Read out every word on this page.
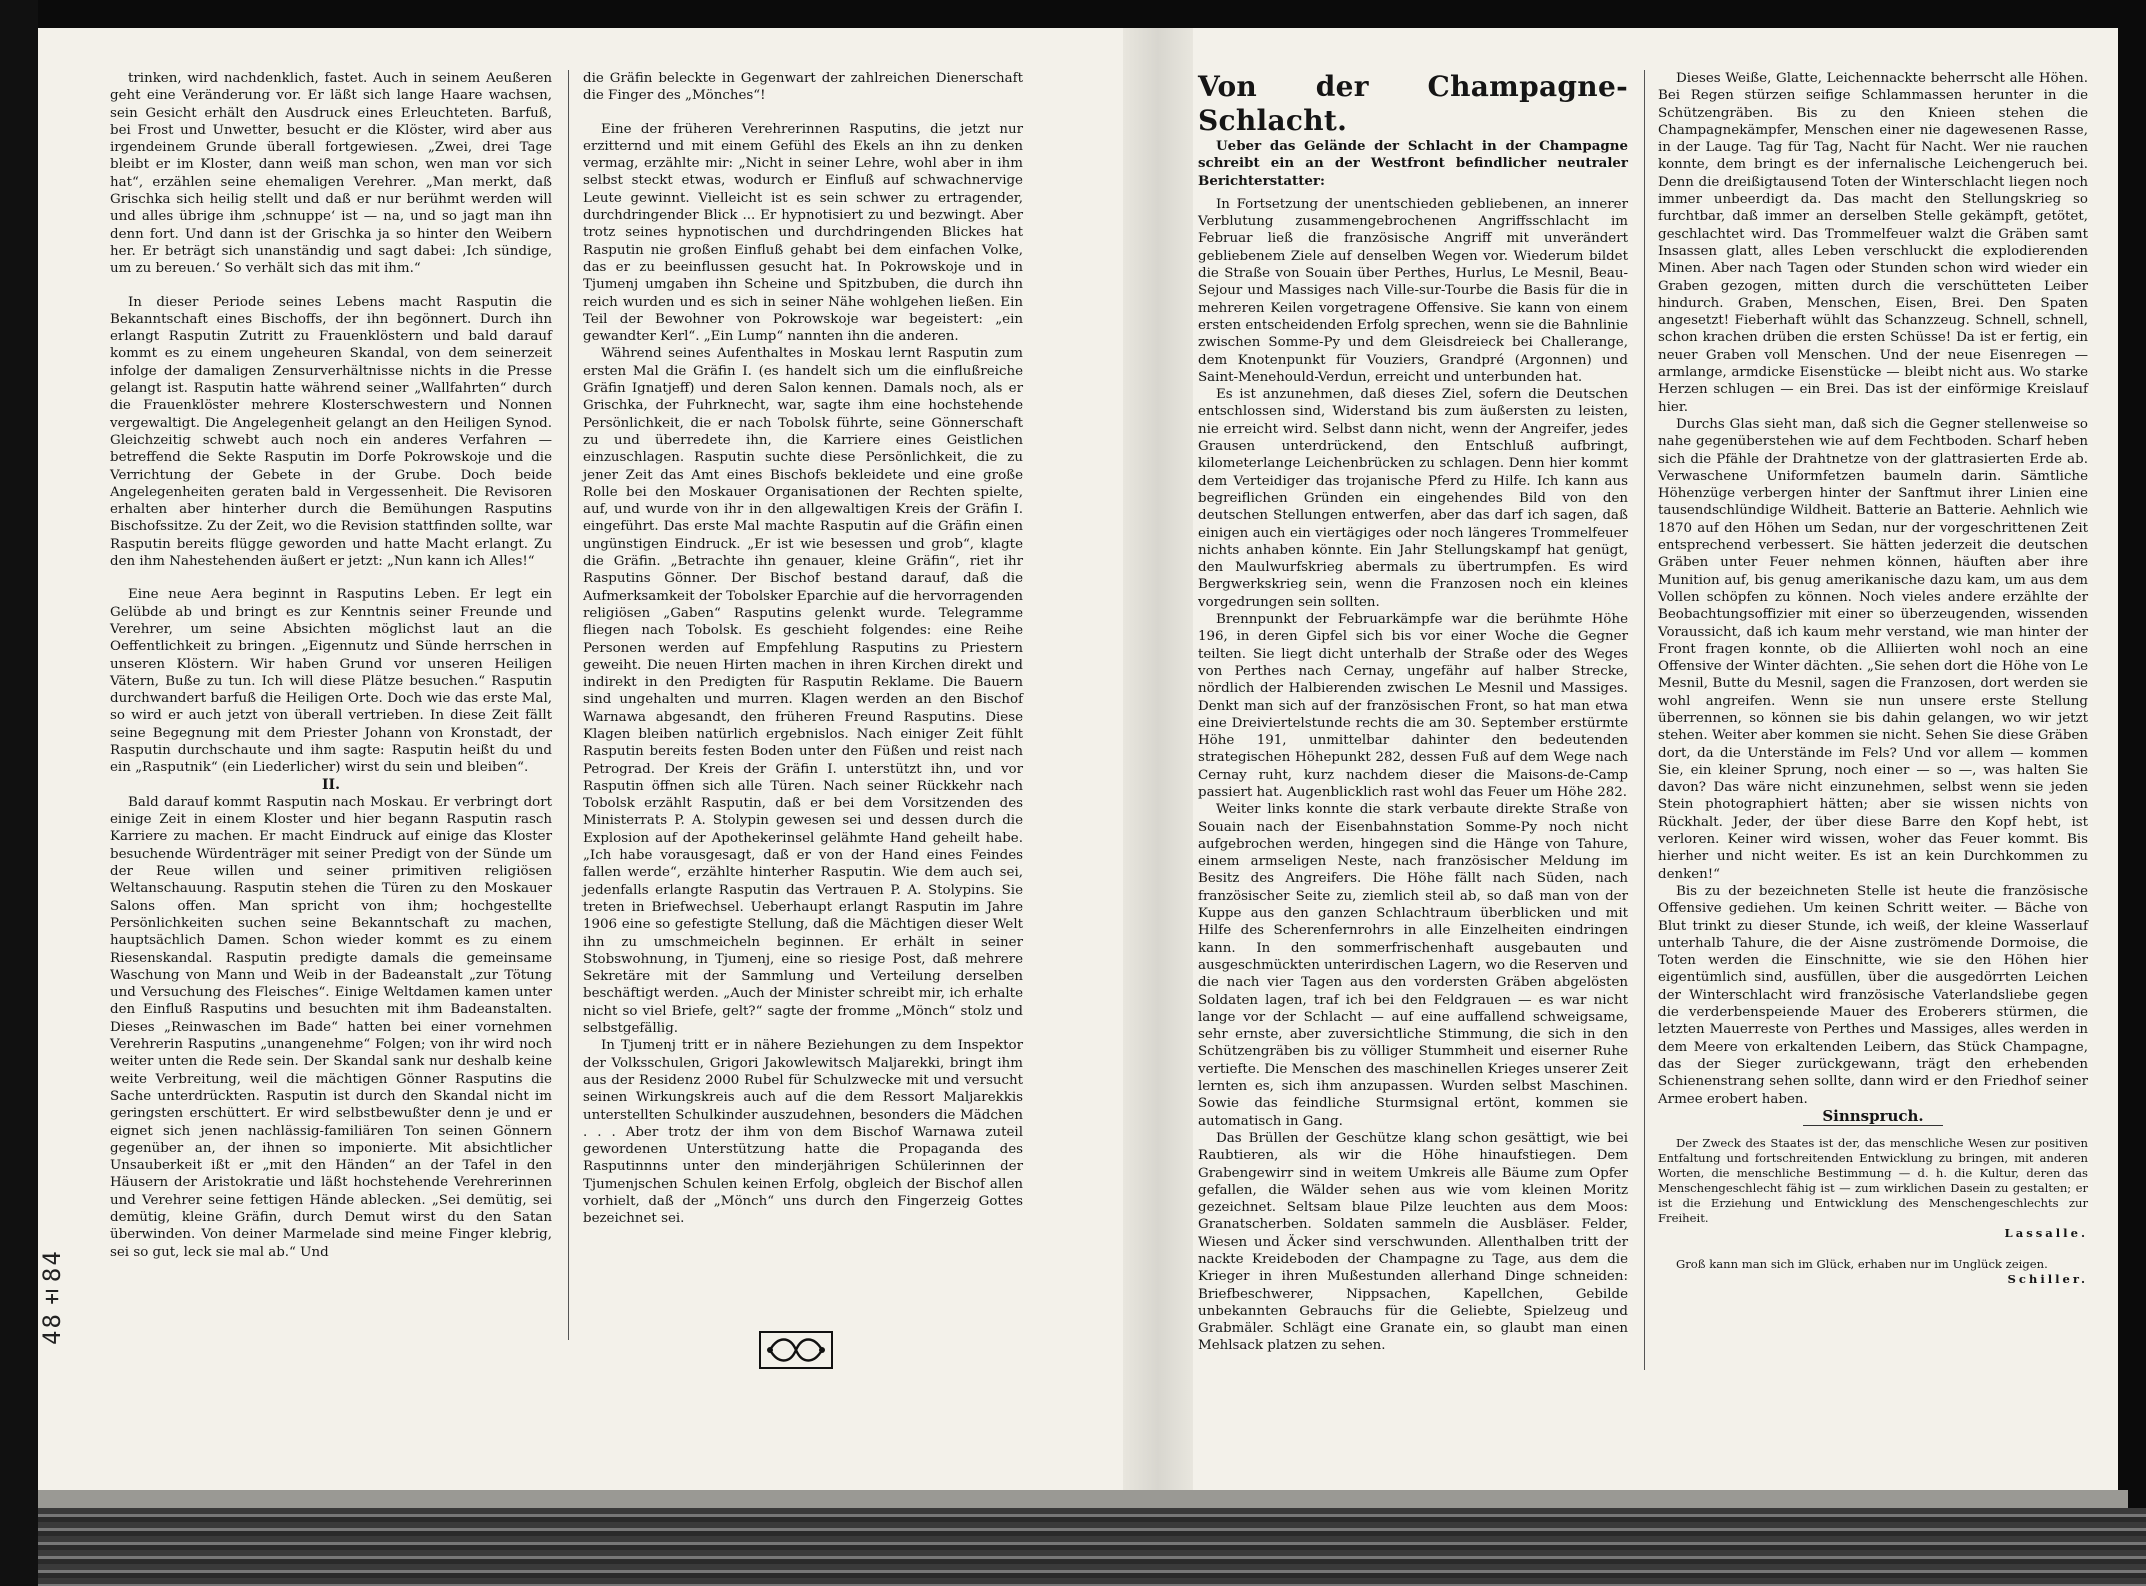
trinken, wird nachdenklich, fastet. Auch in seinem Aeußeren geht eine Veränderung vor. Er läßt sich lange Haare wachsen, sein Gesicht erhält den Ausdruck eines Erleuchteten. Barfuß, bei Frost und Unwetter, besucht er die Klöster, wird aber aus irgendeinem Grunde überall fortgewiesen. „Zwei, drei Tage bleibt er im Kloster, dann weiß man schon, wen man vor sich hat“, erzählen seine ehemaligen Verehrer. „Man merkt, daß Grischka sich heilig stellt und daß er nur berühmt werden will und alles übrige ihm ‚schnuppe‘ ist — na, und so jagt man ihn denn fort. Und dann ist der Grischka ja so hinter den Weibern her. Er beträgt sich unanständig und sagt dabei: ‚Ich sündige, um zu bereuen.‘ So verhält sich das mit ihm.“

In dieser Periode seines Lebens macht Rasputin die Bekanntschaft eines Bischoffs, der ihn begönnert. Durch ihn erlangt Rasputin Zutritt zu Frauenklöstern und bald darauf kommt es zu einem ungeheuren Skandal, von dem seinerzeit infolge der damaligen Zensurverhältnisse nichts in die Presse gelangt ist. Rasputin hatte während seiner „Wallfahrten“ durch die Frauenklöster mehrere Klosterschwestern und Nonnen vergewaltigt. Die Angelegenheit gelangt an den Heiligen Synod. Gleichzeitig schwebt auch noch ein anderes Verfahren — betreffend die Sekte Rasputin im Dorfe Pokrowskoje und die Verrichtung der Gebete in der Grube. Doch beide Angelegenheiten geraten bald in Vergessenheit. Die Revisoren erhalten aber hinterher durch die Bemühungen Rasputins Bischofssitze. Zu der Zeit, wo die Revision stattfinden sollte, war Rasputin bereits flügge geworden und hatte Macht erlangt. Zu den ihm Nahestehenden äußert er jetzt: „Nun kann ich Alles!“

Eine neue Aera beginnt in Rasputins Leben. Er legt ein Gelübde ab und bringt es zur Kenntnis seiner Freunde und Verehrer, um seine Absichten möglichst laut an die Oeffentlichkeit zu bringen. „Eigennutz und Sünde herrschen in unseren Klöstern. Wir haben Grund vor unseren Heiligen Vätern, Buße zu tun. Ich will diese Plätze besuchen.“ Rasputin durchwandert barfuß die Heiligen Orte. Doch wie das erste Mal, so wird er auch jetzt von überall vertrieben. In diese Zeit fällt seine Begegnung mit dem Priester Johann von Kronstadt, der Rasputin durchschaute und ihm sagte: Rasputin heißt du und ein „Rasputnik“ (ein Liederlicher) wirst du sein und bleiben“.

II.

Bald darauf kommt Rasputin nach Moskau. Er verbringt dort einige Zeit in einem Kloster und hier begann Rasputin rasch Karriere zu machen. Er macht Eindruck auf einige das Kloster besuchende Würdenträger mit seiner Predigt von der Sünde um der Reue willen und seiner primitiven religiösen Weltanschauung. Rasputin stehen die Türen zu den Moskauer Salons offen. Man spricht von ihm; hochgestellte Persönlichkeiten suchen seine Bekanntschaft zu machen, hauptsächlich Damen. Schon wieder kommt es zu einem Riesenskandal. Rasputin predigte damals die gemeinsame Waschung von Mann und Weib in der Badeanstalt „zur Tötung und Versuchung des Fleisches“. Einige Weltdamen kamen unter den Einfluß Rasputins und besuchten mit ihm Badeanstalten. Dieses „Reinwaschen im Bade“ hatten bei einer vornehmen Verehrerin Rasputins „unangenehme“ Folgen; von ihr wird noch weiter unten die Rede sein. Der Skandal sank nur deshalb keine weite Verbreitung, weil die mächtigen Gönner Rasputins die Sache unterdrückten. Rasputin ist durch den Skandal nicht im geringsten erschüttert. Er wird selbstbewußter denn je und er eignet sich jenen nachlässig-familiären Ton seinen Gönnern gegenüber an, der ihnen so imponierte. Mit absichtlicher Unsauberkeit ißt er „mit den Händen“ an der Tafel in den Häusern der Aristokratie und läßt hochstehende Verehrerinnen und Verehrer seine fettigen Hände ablecken. „Sei demütig, sei demütig, kleine Gräfin, durch Demut wirst du den Satan überwinden. Von deiner Marmelade sind meine Finger klebrig, sei so gut, leck sie mal ab.“ Und

die Gräfin beleckte in Gegenwart der zahlreichen Dienerschaft die Finger des „Mönches“!

Eine der früheren Verehrerinnen Rasputins, die jetzt nur erzitternd und mit einem Gefühl des Ekels an ihn zu denken vermag, erzählte mir: „Nicht in seiner Lehre, wohl aber in ihm selbst steckt etwas, wodurch er Einfluß auf schwachnervige Leute gewinnt. Vielleicht ist es sein schwer zu ertragender, durchdringender Blick ... Er hypnotisiert zu und bezwingt. Aber trotz seines hypnotischen und durchdringenden Blickes hat Rasputin nie großen Einfluß gehabt bei dem einfachen Volke, das er zu beeinflussen gesucht hat. In Pokrowskoje und in Tjumenj umgaben ihn Scheine und Spitzbuben, die durch ihn reich wurden und es sich in seiner Nähe wohlgehen ließen. Ein Teil der Bewohner von Pokrowskoje war begeistert: „ein gewandter Kerl“. „Ein Lump“ nannten ihn die anderen.

Während seines Aufenthaltes in Moskau lernt Rasputin zum ersten Mal die Gräfin I. (es handelt sich um die einflußreiche Gräfin Ignatjeff) und deren Salon kennen. Damals noch, als er Grischka, der Fuhrknecht, war, sagte ihm eine hochstehende Persönlichkeit, die er nach Tobolsk führte, seine Gönnerschaft zu und überredete ihn, die Karriere eines Geistlichen einzuschlagen. Rasputin suchte diese Persönlichkeit, die zu jener Zeit das Amt eines Bischofs bekleidete und eine große Rolle bei den Moskauer Organisationen der Rechten spielte, auf, und wurde von ihr in den allgewaltigen Kreis der Gräfin I. eingeführt. Das erste Mal machte Rasputin auf die Gräfin einen ungünstigen Eindruck. „Er ist wie besessen und grob“, klagte die Gräfin. „Betrachte ihn genauer, kleine Gräfin“, riet ihr Rasputins Gönner. Der Bischof bestand darauf, daß die Aufmerksamkeit der Tobolsker Eparchie auf die hervorragenden religiösen „Gaben“ Rasputins gelenkt wurde. Telegramme fliegen nach Tobolsk. Es geschieht folgendes: eine Reihe Personen werden auf Empfehlung Rasputins zu Priestern geweiht. Die neuen Hirten machen in ihren Kirchen direkt und indirekt in den Predigten für Rasputin Reklame. Die Bauern sind ungehalten und murren. Klagen werden an den Bischof Warnawa abgesandt, den früheren Freund Rasputins. Diese Klagen bleiben natürlich ergebnislos. Nach einiger Zeit fühlt Rasputin bereits festen Boden unter den Füßen und reist nach Petrograd. Der Kreis der Gräfin I. unterstützt ihn, und vor Rasputin öffnen sich alle Türen. Nach seiner Rückkehr nach Tobolsk erzählt Rasputin, daß er bei dem Vorsitzenden des Ministerrats P. A. Stolypin gewesen sei und dessen durch die Explosion auf der Apothekerinsel gelähmte Hand geheilt habe. „Ich habe vorausgesagt, daß er von der Hand eines Feindes fallen werde“, erzählte hinterher Rasputin. Wie dem auch sei, jedenfalls erlangte Rasputin das Vertrauen P. A. Stolypins. Sie treten in Briefwechsel. Ueberhaupt erlangt Rasputin im Jahre 1906 eine so gefestigte Stellung, daß die Mächtigen dieser Welt ihn zu umschmeicheln beginnen. Er erhält in seiner Stobswohnung, in Tjumenj, eine so riesige Post, daß mehrere Sekretäre mit der Sammlung und Verteilung derselben beschäftigt werden. „Auch der Minister schreibt mir, ich erhalte nicht so viel Briefe, gelt?“ sagte der fromme „Mönch“ stolz und selbstgefällig.

In Tjumenj tritt er in nähere Beziehungen zu dem Inspektor der Volksschulen, Grigori Jakowlewitsch Maljarekki, bringt ihm aus der Residenz 2000 Rubel für Schulzwecke mit und versucht seinen Wirkungskreis auch auf die dem Ressort Maljarekkis unterstellten Schulkinder auszudehnen, besonders die Mädchen . . . Aber trotz der ihm von dem Bischof Warnawa zuteil gewordenen Unterstützung hatte die Propaganda des Rasputinnns unter den minderjährigen Schülerinnen der Tjumenjschen Schulen keinen Erfolg, obgleich der Bischof allen vorhielt, daß der „Mönch“ uns durch den Fingerzeig Gottes bezeichnet sei.

Von der Champagne-Schlacht.

Ueber das Gelände der Schlacht in der Champagne schreibt ein an der Westfront befindlicher neutraler Berichterstatter:

In Fortsetzung der unentschieden gebliebenen, an innerer Verblutung zusammengebrochenen Angriffsschlacht im Februar ließ die französische Angriff mit unverändert gebliebenem Ziele auf denselben Wegen vor. Wiederum bildet die Straße von Souain über Perthes, Hurlus, Le Mesnil, Beau-Sejour und Massiges nach Ville-sur-Tourbe die Basis für die in mehreren Keilen vorgetragene Offensive. Sie kann von einem ersten entscheidenden Erfolg sprechen, wenn sie die Bahnlinie zwischen Somme-Py und dem Gleisdreieck bei Challerange, dem Knotenpunkt für Vouziers, Grandpré (Argonnen) und Saint-Menehould-Verdun, erreicht und unterbunden hat.

Es ist anzunehmen, daß dieses Ziel, sofern die Deutschen entschlossen sind, Widerstand bis zum äußersten zu leisten, nie erreicht wird. Selbst dann nicht, wenn der Angreifer, jedes Grausen unterdrückend, den Entschluß aufbringt, kilometerlange Leichenbrücken zu schlagen. Denn hier kommt dem Verteidiger das trojanische Pferd zu Hilfe. Ich kann aus begreiflichen Gründen ein eingehendes Bild von den deutschen Stellungen entwerfen, aber das darf ich sagen, daß einigen auch ein viertägiges oder noch längeres Trommelfeuer nichts anhaben könnte. Ein Jahr Stellungskampf hat genügt, den Maulwurfskrieg abermals zu übertrumpfen. Es wird Bergwerkskrieg sein, wenn die Franzosen noch ein kleines vorgedrungen sein sollten.

Brennpunkt der Februarkämpfe war die berühmte Höhe 196, in deren Gipfel sich bis vor einer Woche die Gegner teilten. Sie liegt dicht unterhalb der Straße oder des Weges von Perthes nach Cernay, ungefähr auf halber Strecke, nördlich der Halbierenden zwischen Le Mesnil und Massiges. Denkt man sich auf der französischen Front, so hat man etwa eine Dreiviertelstunde rechts die am 30. September erstürmte Höhe 191, unmittelbar dahinter den bedeutenden strategischen Höhepunkt 282, dessen Fuß auf dem Wege nach Cernay ruht, kurz nachdem dieser die Maisons-de-Camp passiert hat. Augenblicklich rast wohl das Feuer um Höhe 282.

Weiter links konnte die stark verbaute direkte Straße von Souain nach der Eisenbahnstation Somme-Py noch nicht aufgebrochen werden, hingegen sind die Hänge von Tahure, einem armseligen Neste, nach französischer Meldung im Besitz des Angreifers. Die Höhe fällt nach Süden, nach französischer Seite zu, ziemlich steil ab, so daß man von der Kuppe aus den ganzen Schlachtraum überblicken und mit Hilfe des Scherenfernrohrs in alle Einzelheiten eindringen kann. In den sommerfrischenhaft ausgebauten und ausgeschmückten unterirdischen Lagern, wo die Reserven und die nach vier Tagen aus den vordersten Gräben abgelösten Soldaten lagen, traf ich bei den Feldgrauen — es war nicht lange vor der Schlacht — auf eine auffallend schweigsame, sehr ernste, aber zuversichtliche Stimmung, die sich in den Schützengräben bis zu völliger Stummheit und eiserner Ruhe vertiefte. Die Menschen des maschinellen Krieges unserer Zeit lernten es, sich ihm anzupassen. Wurden selbst Maschinen. Sowie das feindliche Sturmsignal ertönt, kommen sie automatisch in Gang.

Das Brüllen der Geschütze klang schon gesättigt, wie bei Raubtieren, als wir die Höhe hinaufstiegen. Dem Grabengewirr sind in weitem Umkreis alle Bäume zum Opfer gefallen, die Wälder sehen aus wie vom kleinen Moritz gezeichnet. Seltsam blaue Pilze leuchten aus dem Moos: Granatscherben. Soldaten sammeln die Ausbläser. Felder, Wiesen und Äcker sind verschwunden. Allenthalben tritt der nackte Kreideboden der Champagne zu Tage, aus dem die Krieger in ihren Mußestunden allerhand Dinge schneiden: Briefbeschwerer, Nippsachen, Kapellchen, Gebilde unbekannten Gebrauchs für die Geliebte, Spielzeug und Grabmäler. Schlägt eine Granate ein, so glaubt man einen Mehlsack platzen zu sehen.

Dieses Weiße, Glatte, Leichennackte beherrscht alle Höhen. Bei Regen stürzen seifige Schlammassen herunter in die Schützengräben. Bis zu den Knieen stehen die Champagnekämpfer, Menschen einer nie dagewesenen Rasse, in der Lauge. Tag für Tag, Nacht für Nacht. Wer nie rauchen konnte, dem bringt es der infernalische Leichengeruch bei. Denn die dreißigtausend Toten der Winterschlacht liegen noch immer unbeerdigt da. Das macht den Stellungskrieg so furchtbar, daß immer an derselben Stelle gekämpft, getötet, geschlachtet wird. Das Trommelfeuer walzt die Gräben samt Insassen glatt, alles Leben verschluckt die explodierenden Minen. Aber nach Tagen oder Stunden schon wird wieder ein Graben gezogen, mitten durch die verschütteten Leiber hindurch. Graben, Menschen, Eisen, Brei. Den Spaten angesetzt! Fieberhaft wühlt das Schanzzeug. Schnell, schnell, schon krachen drüben die ersten Schüsse! Da ist er fertig, ein neuer Graben voll Menschen. Und der neue Eisenregen — armlange, armdicke Eisenstücke — bleibt nicht aus. Wo starke Herzen schlugen — ein Brei. Das ist der einförmige Kreislauf hier.

Durchs Glas sieht man, daß sich die Gegner stellenweise so nahe gegenüberstehen wie auf dem Fechtboden. Scharf heben sich die Pfähle der Drahtnetze von der glattrasierten Erde ab. Verwaschene Uniformfetzen baumeln darin. Sämtliche Höhenzüge verbergen hinter der Sanftmut ihrer Linien eine tausendschlündige Wildheit. Batterie an Batterie. Aehnlich wie 1870 auf den Höhen um Sedan, nur der vorgeschrittenen Zeit entsprechend verbessert. Sie hätten jederzeit die deutschen Gräben unter Feuer nehmen können, häuften aber ihre Munition auf, bis genug amerikanische dazu kam, um aus dem Vollen schöpfen zu können. Noch vieles andere erzählte der Beobachtungsoffizier mit einer so überzeugenden, wissenden Voraussicht, daß ich kaum mehr verstand, wie man hinter der Front fragen konnte, ob die Alliierten wohl noch an eine Offensive der Winter dächten. „Sie sehen dort die Höhe von Le Mesnil, Butte du Mesnil, sagen die Franzosen, dort werden sie wohl angreifen. Wenn sie nun unsere erste Stellung überrennen, so können sie bis dahin gelangen, wo wir jetzt stehen. Weiter aber kommen sie nicht. Sehen Sie diese Gräben dort, da die Unterstände im Fels? Und vor allem — kommen Sie, ein kleiner Sprung, noch einer — so —, was halten Sie davon? Das wäre nicht einzunehmen, selbst wenn sie jeden Stein photographiert hätten; aber sie wissen nichts von Rückhalt. Jeder, der über diese Barre den Kopf hebt, ist verloren. Keiner wird wissen, woher das Feuer kommt. Bis hierher und nicht weiter. Es ist an kein Durchkommen zu denken!“

Bis zu der bezeichneten Stelle ist heute die französische Offensive gediehen. Um keinen Schritt weiter. — Bäche von Blut trinkt zu dieser Stunde, ich weiß, der kleine Wasserlauf unterhalb Tahure, die der Aisne zuströmende Dormoise, die Toten werden die Einschnitte, wie sie den Höhen hier eigentümlich sind, ausfüllen, über die ausgedörrten Leichen der Winterschlacht wird französische Vaterlandsliebe gegen die verderbenspeiende Mauer des Eroberers stürmen, die letzten Mauerreste von Perthes und Massiges, alles werden in dem Meere von erkaltenden Leibern, das Stück Champagne, das der Sieger zurückgewann, trägt den erhebenden Schienenstrang sehen sollte, dann wird er den Friedhof seiner Armee erobert haben.

Sinnspruch.

Der Zweck des Staates ist der, das menschliche Wesen zur positiven Entfaltung und fortschreitenden Entwicklung zu bringen, mit anderen Worten, die menschliche Bestimmung — d. h. die Kultur, deren das Menschengeschlecht fähig ist — zum wirklichen Dasein zu gestalten; er ist die Erziehung und Entwicklung des Menschengeschlechts zur Freiheit.

Lassalle.

Groß kann man sich im Glück, erhaben nur im Unglück zeigen.

Schiller.

48±84
